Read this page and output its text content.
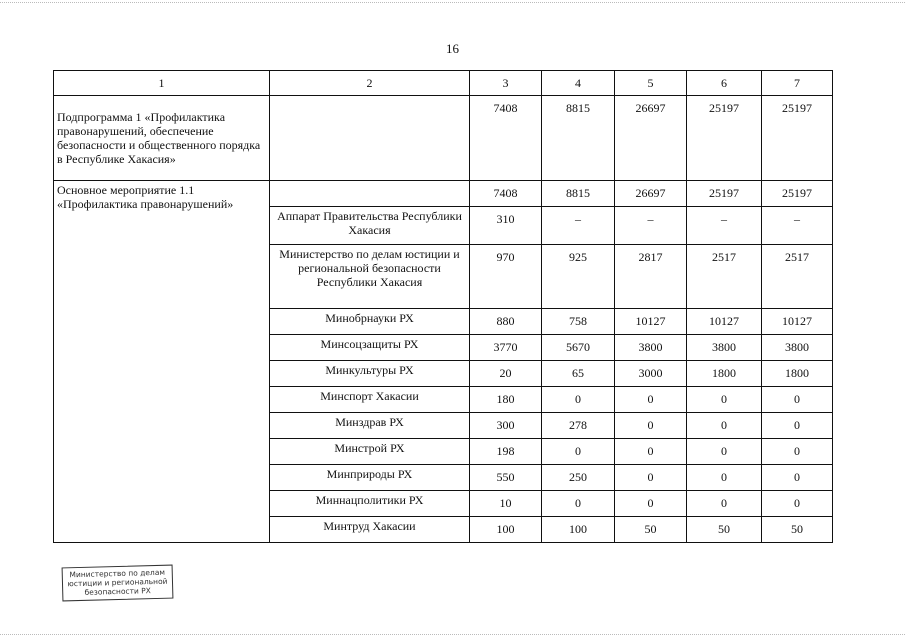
16
1	2	3	4	5	6	7
Подпрограмма 1 «Профилактика правонарушений, обеспечение безопасности и общественного порядка в Республике Хакасия»		7408	8815	26697	25197	25197
Основное мероприятие 1.1 «Профилактика правонарушений»		7408	8815	26697	25197	25197
	Аппарат Правительства Республики Хакасия	310	–	–	–	–
	Министерство по делам юстиции и региональной безопасности Республики Хакасия	970	925	2817	2517	2517
	Минобрнауки РХ	880	758	10127	10127	10127
	Минсоцзащиты РХ	3770	5670	3800	3800	3800
	Минкультуры РХ	20	65	3000	1800	1800
	Минспорт Хакасии	180	0	0	0	0
	Минздрав РХ	300	278	0	0	0
	Минстрой РХ	198	0	0	0	0
	Минприроды РХ	550	250	0	0	0
	Миннацполитики РХ	10	0	0	0	0
	Минтруд Хакасии	100	100	50	50	50
Министерство по делам
юстиции и региональной
безопасности РХ
